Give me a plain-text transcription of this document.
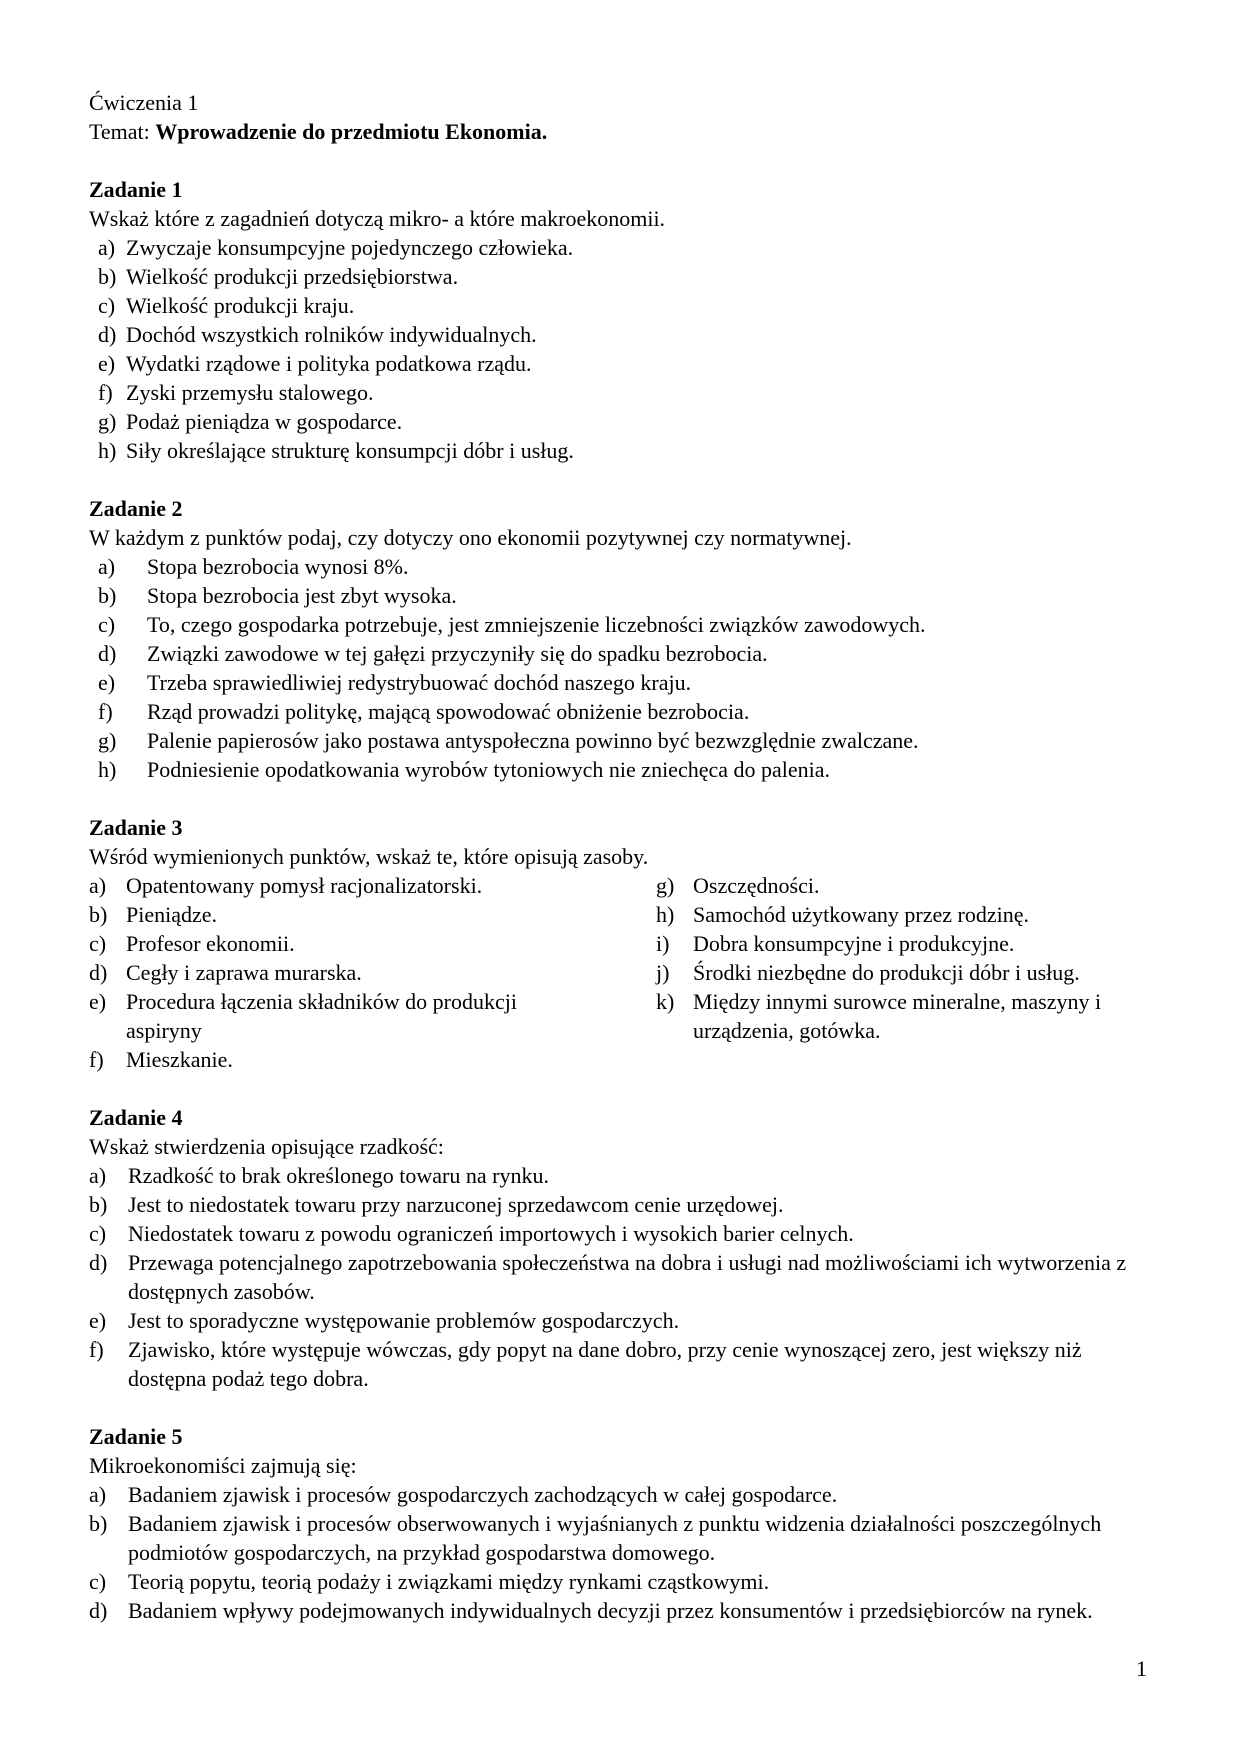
Ćwiczenia 1
Temat: Wprowadzenie do przedmiotu Ekonomia.
Zadanie 1
Wskaż które z zagadnień dotyczą mikro- a które makroekonomii.
a) Zwyczaje konsumpcyjne pojedynczego człowieka.
b) Wielkość produkcji przedsiębiorstwa.
c) Wielkość produkcji kraju.
d) Dochód wszystkich rolników indywidualnych.
e) Wydatki rządowe i polityka podatkowa rządu.
f) Zyski przemysłu stalowego.
g) Podaż pieniądza w gospodarce.
h) Siły określające strukturę konsumpcji dóbr i usług.
Zadanie 2
W każdym z punktów podaj, czy dotyczy ono ekonomii pozytywnej czy normatywnej.
a) Stopa bezrobocia wynosi 8%.
b) Stopa bezrobocia jest zbyt wysoka.
c) To, czego gospodarka potrzebuje, jest zmniejszenie liczebności związków zawodowych.
d) Związki zawodowe w tej gałęzi przyczyniły się do spadku bezrobocia.
e) Trzeba sprawiedliwiej redystrybuować dochód naszego kraju.
f) Rząd prowadzi politykę, mającą spowodować obniżenie bezrobocia.
g) Palenie papierosów jako postawa antyspołeczna powinno być bezwzględnie zwalczane.
h) Podniesienie opodatkowania wyrobów tytoniowych nie zniechęca do palenia.
Zadanie 3
Wśród wymienionych punktów, wskaż te, które opisują zasoby.
a) Opatentowany pomysł racjonalizatorski.
b) Pieniądze.
c) Profesor ekonomii.
d) Cegły i zaprawa murarska.
e) Procedura łączenia składników do produkcji aspiryny
f) Mieszkanie.
g) Oszczędności.
h) Samochód użytkowany przez rodzinę.
i) Dobra konsumpcyjne i produkcyjne.
j) Środki niezbędne do produkcji dóbr i usług.
k) Między innymi surowce mineralne, maszyny i urządzenia, gotówka.
Zadanie 4
Wskaż stwierdzenia opisujące rzadkość:
a) Rzadkość to brak określonego towaru na rynku.
b) Jest to niedostatek towaru przy narzuconej sprzedawcom cenie urzędowej.
c) Niedostatek towaru z powodu ograniczeń importowych i wysokich barier celnych.
d) Przewaga potencjalnego zapotrzebowania społeczeństwa na dobra i usługi nad możliwościami ich wytworzenia z dostępnych zasobów.
e) Jest to sporadyczne występowanie problemów gospodarczych.
f) Zjawisko, które występuje wówczas, gdy popyt na dane dobro, przy cenie wynoszącej zero, jest większy niż dostępna podaż tego dobra.
Zadanie 5
Mikroekonomiści zajmują się:
a) Badaniem zjawisk i procesów gospodarczych zachodzących w całej gospodarce.
b) Badaniem zjawisk i procesów obserwowanych i wyjaśnianych z punktu widzenia działalności poszczególnych podmiotów gospodarczych, na przykład gospodarstwa domowego.
c) Teorią popytu, teorią podaży i związkami między rynkami cząstkowymi.
d) Badaniem wpływy podejmowanych indywidualnych decyzji przez konsumentów i przedsiębiorców na rynek.
1
